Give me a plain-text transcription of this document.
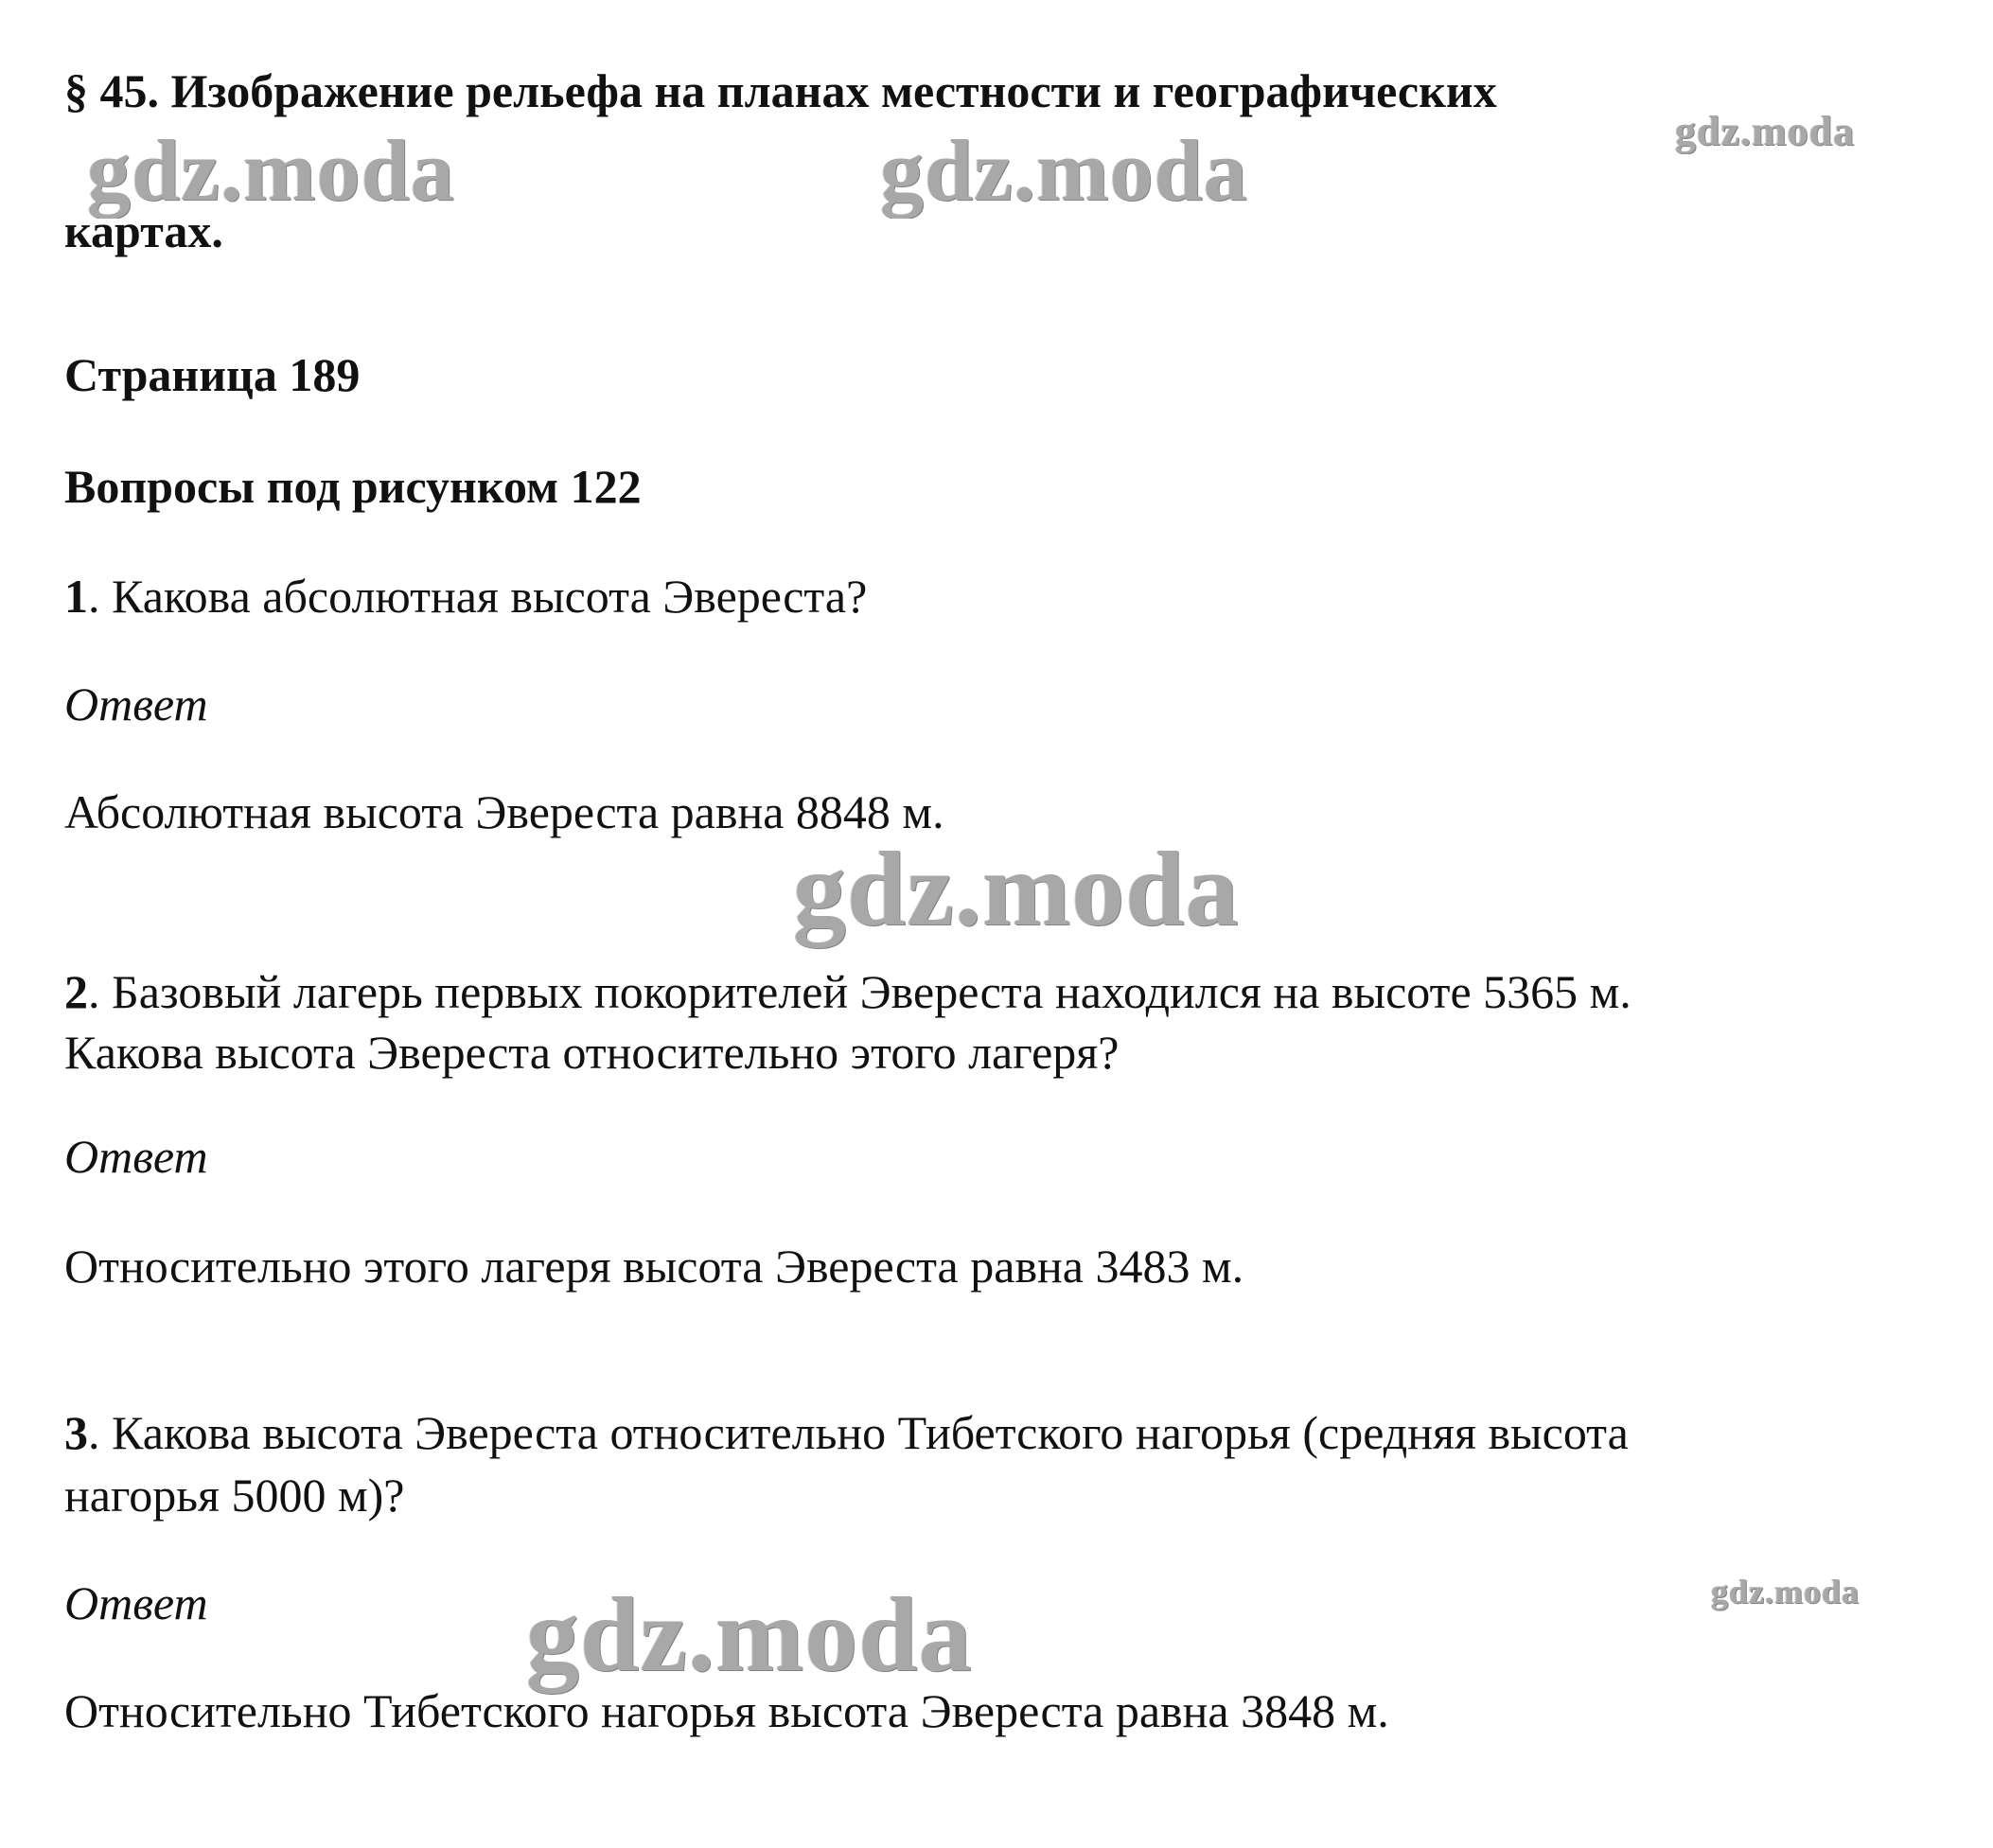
§ 45. Изображение рельефа на планах местности и географических

картах.

Страница 189

Вопросы под рисунком 122

1. Какова абсолютная высота Эвереста?

Ответ

Абсолютная высота Эвереста равна 8848 м.

2. Базовый лагерь первых покорителей Эвереста находился на высоте 5365 м.

Какова высота Эвереста относительно этого лагеря?

Ответ

Относительно этого лагеря высота Эвереста равна 3483 м.

3. Какова высота Эвереста относительно Тибетского нагорья (средняя высота

нагорья 5000 м)?

Ответ

Относительно Тибетского нагорья высота Эвереста равна 3848 м.

gdz.moda	gdz.moda	gdz.moda

gdz.moda

gdz.moda

gdz.moda
